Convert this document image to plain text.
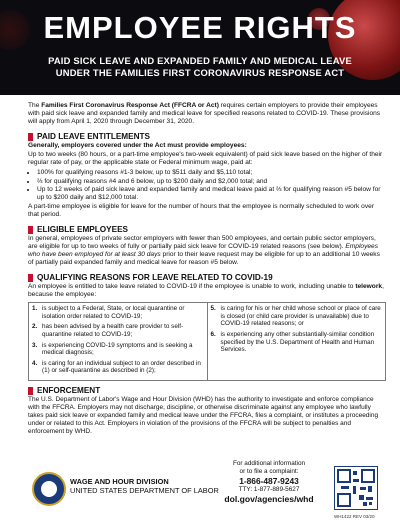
EMPLOYEE RIGHTS
PAID SICK LEAVE AND EXPANDED FAMILY AND MEDICAL LEAVE
UNDER THE FAMILIES FIRST CORONAVIRUS RESPONSE ACT

The Families First Coronavirus Response Act (FFCRA or Act) requires certain employers to provide their employees with paid sick leave and expanded family and medical leave for specified reasons related to COVID-19. These provisions will apply from April 1, 2020 through December 31, 2020.

PAID LEAVE ENTITLEMENTS

Generally, employers covered under the Act must provide employees:

Up to two weeks (80 hours, or a part-time employee's two-week equivalent) of paid sick leave based on the higher of their regular rate of pay, or the applicable state or Federal minimum wage, paid at:

• 100% for qualifying reasons #1-3 below, up to $511 daily and $5,110 total;
• ⅔ for qualifying reasons #4 and 6 below, up to $200 daily and $2,000 total; and
• Up to 12 weeks of paid sick leave and expanded family and medical leave paid at ⅔ for qualifying reason #5 below for up to $200 daily and $12,000 total.

A part-time employee is eligible for leave for the number of hours that the employee is normally scheduled to work over that period.

ELIGIBLE EMPLOYEES

In general, employees of private sector employers with fewer than 500 employees, and certain public sector employers, are eligible for up to two weeks of fully or partially paid sick leave for COVID-19 related reasons (see below). Employees who have been employed for at least 30 days prior to their leave request may be eligible for up to an additional 10 weeks of partially paid expanded family and medical leave for reason #5 below.

QUALIFYING REASONS FOR LEAVE RELATED TO COVID-19

An employee is entitled to take leave related to COVID-19 if the employee is unable to work, including unable to telework, because the employee:

1. is subject to a Federal, State, or local quarantine or isolation order related to COVID-19;
2. has been advised by a health care provider to self-quarantine related to COVID-19;
3. is experiencing COVID-19 symptoms and is seeking a medical diagnosis;
4. is caring for an individual subject to an order described in (1) or self-quarantine as described in (2);
5. is caring for his or her child whose school or place of care is closed (or child care provider is unavailable) due to COVID-19 related reasons; or
6. is experiencing any other substantially-similar condition specified by the U.S. Department of Health and Human Services.
ENFORCEMENT

The U.S. Department of Labor's Wage and Hour Division (WHD) has the authority to investigate and enforce compliance with the FFCRA. Employers may not discharge, discipline, or otherwise discriminate against any employee who lawfully takes paid sick leave or expanded family and medical leave under the FFCRA, files a complaint, or institutes a proceeding under or related to this Act. Employers in violation of the provisions of the FFCRA will be subject to penalties and enforcement by WHD.

WAGE AND HOUR DIVISION
UNITED STATES DEPARTMENT OF LABOR
For additional information
or to file a complaint:
1-866-487-9243
TTY: 1-877-889-5627
dol.gov/agencies/whd
WH1422 REV 03/20
